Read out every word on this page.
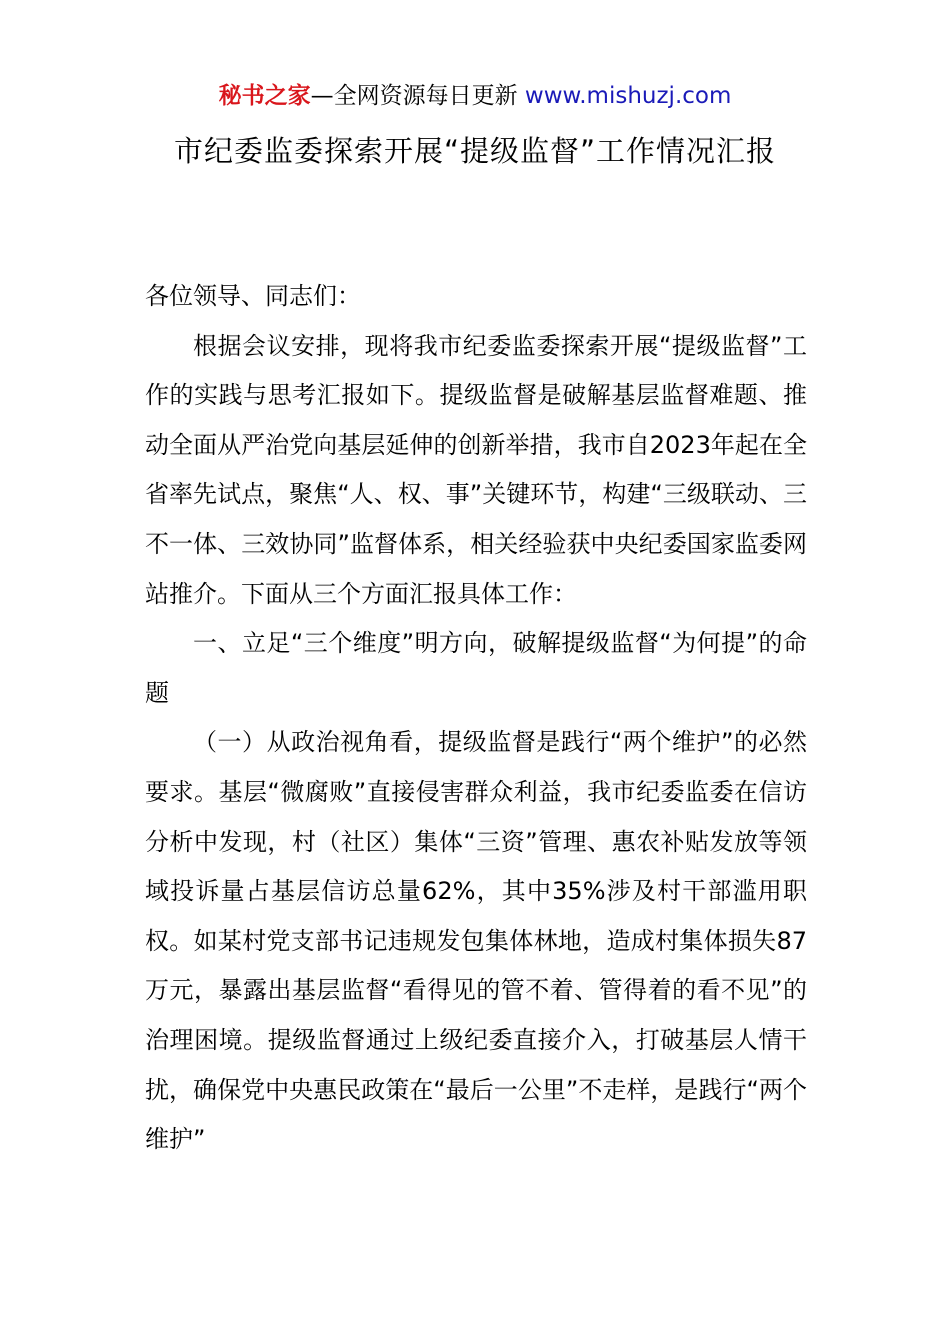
秘书之家—全网资源每日更新 www.mishuzj.com
市纪委监委探索开展“提级监督”工作情况汇报

各位领导、同志们：

根据会议安排，现将我市纪委监委探索开展“提级监督”工作的实践与思考汇报如下。提级监督是破解基层监督难题、推动全面从严治党向基层延伸的创新举措，我市自2023年起在全省率先试点，聚焦“人、权、事”关键环节，构建“三级联动、三不一体、三效协同”监督体系，相关经验获中央纪委国家监委网站推介。下面从三个方面汇报具体工作：

一、立足“三个维度”明方向，破解提级监督“为何提”的命题

（一）从政治视角看，提级监督是践行“两个维护”的必然要求。基层“微腐败”直接侵害群众利益，我市纪委监委在信访分析中发现，村（社区）集体“三资”管理、惠农补贴发放等领域投诉量占基层信访总量62%，其中35%涉及村干部滥用职权。如某村党支部书记违规发包集体林地，造成村集体损失87万元，暴露出基层监督“看得见的管不着、管得着的看不见”的治理困境。提级监督通过上级纪委直接介入，打破基层人情干扰，确保党中央惠民政策在“最后一公里”不走样，是践行“两个维护”
